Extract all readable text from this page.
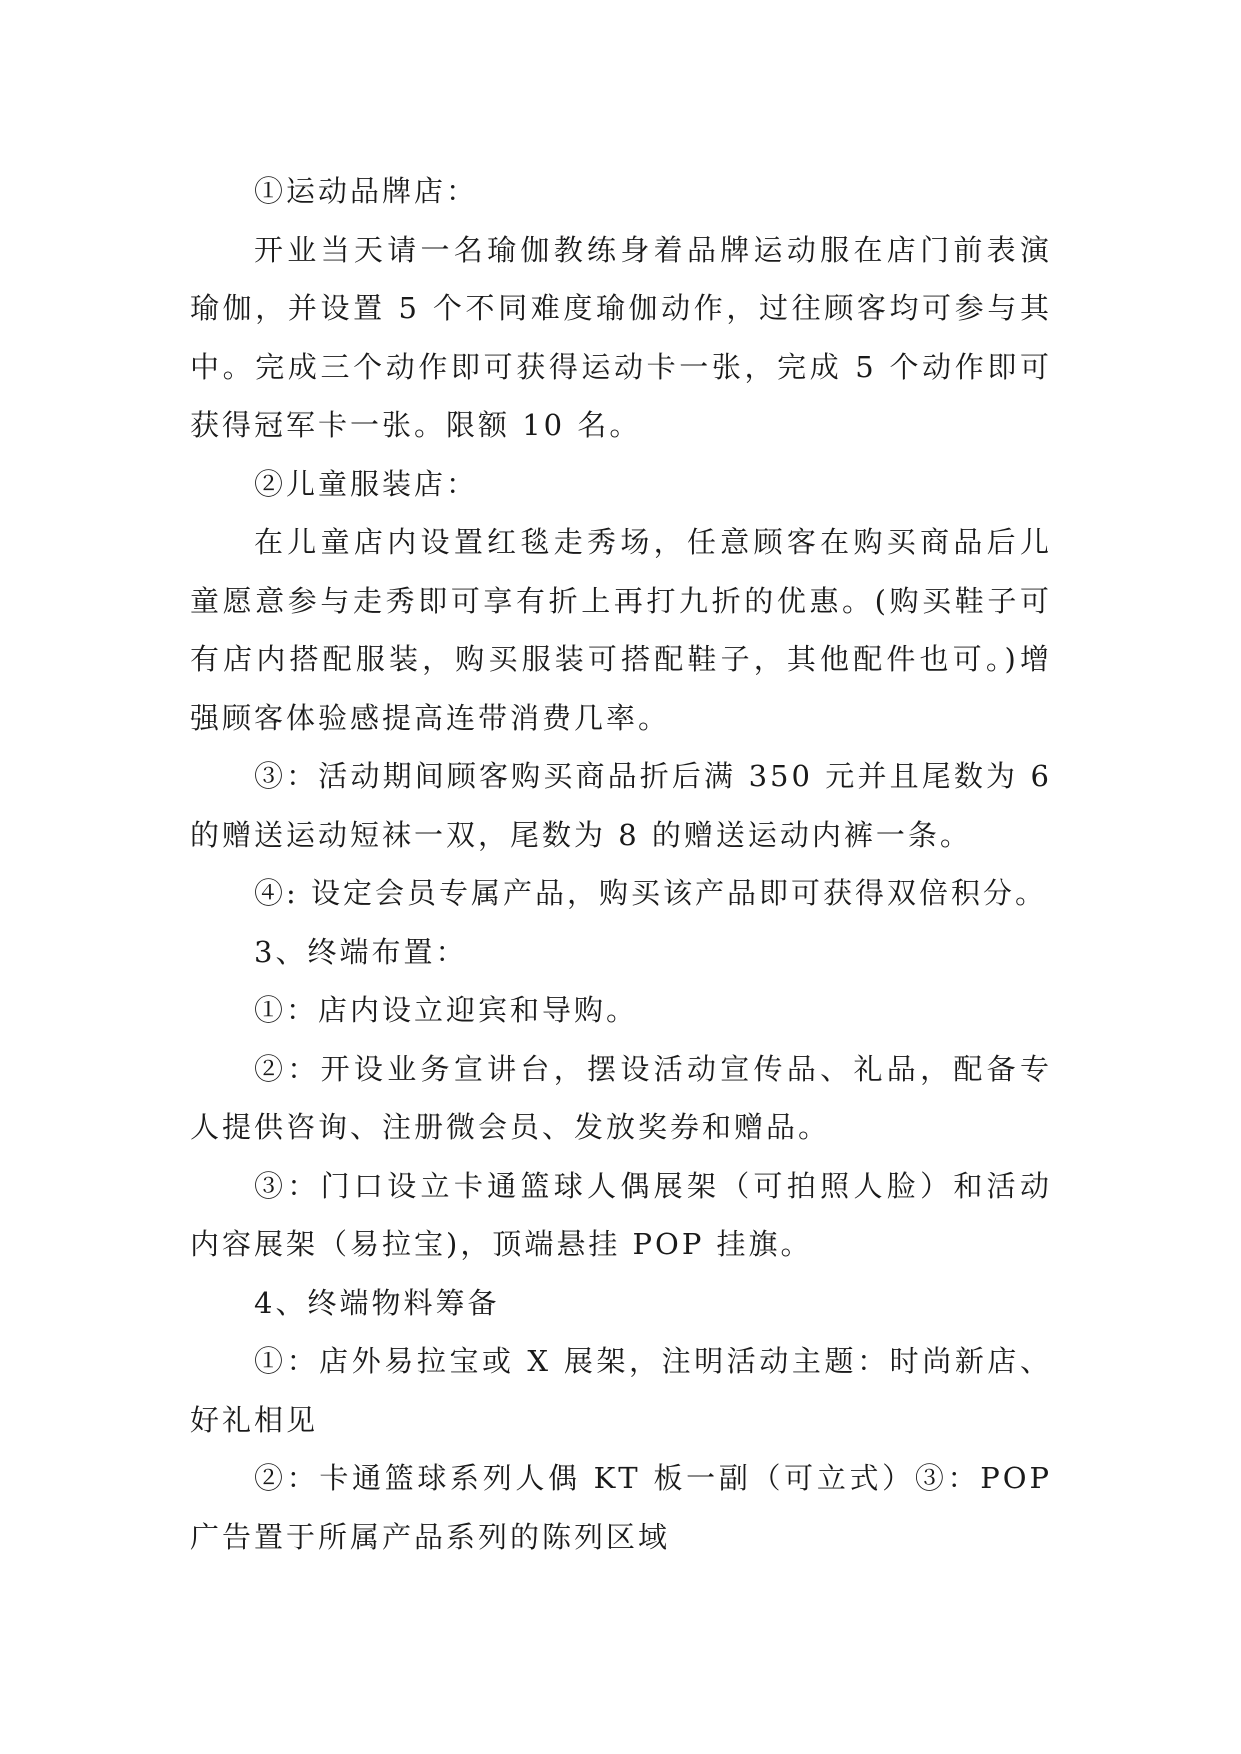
①运动品牌店：

开业当天请一名瑜伽教练身着品牌运动服在店门前表演瑜伽，并设置 5 个不同难度瑜伽动作，过往顾客均可参与其中。完成三个动作即可获得运动卡一张，完成 5 个动作即可获得冠军卡一张。限额 10 名。

②儿童服装店：

在儿童店内设置红毯走秀场，任意顾客在购买商品后儿童愿意参与走秀即可享有折上再打九折的优惠。(购买鞋子可有店内搭配服装，购买服装可搭配鞋子，其他配件也可。)增强顾客体验感提高连带消费几率。

③：活动期间顾客购买商品折后满 350 元并且尾数为 6 的赠送运动短袜一双，尾数为 8 的赠送运动内裤一条。

④: 设定会员专属产品，购买该产品即可获得双倍积分。

3、终端布置：

①：店内设立迎宾和导购。

②：开设业务宣讲台，摆设活动宣传品、礼品，配备专人提供咨询、注册微会员、发放奖券和赠品。

③：门口设立卡通篮球人偶展架（可拍照人脸）和活动内容展架（易拉宝)，顶端悬挂 POP 挂旗。

4、终端物料筹备

①：店外易拉宝或 X 展架，注明活动主题：时尚新店、好礼相见

②：卡通篮球系列人偶 KT 板一副（可立式）③：POP 广告置于所属产品系列的陈列区域
